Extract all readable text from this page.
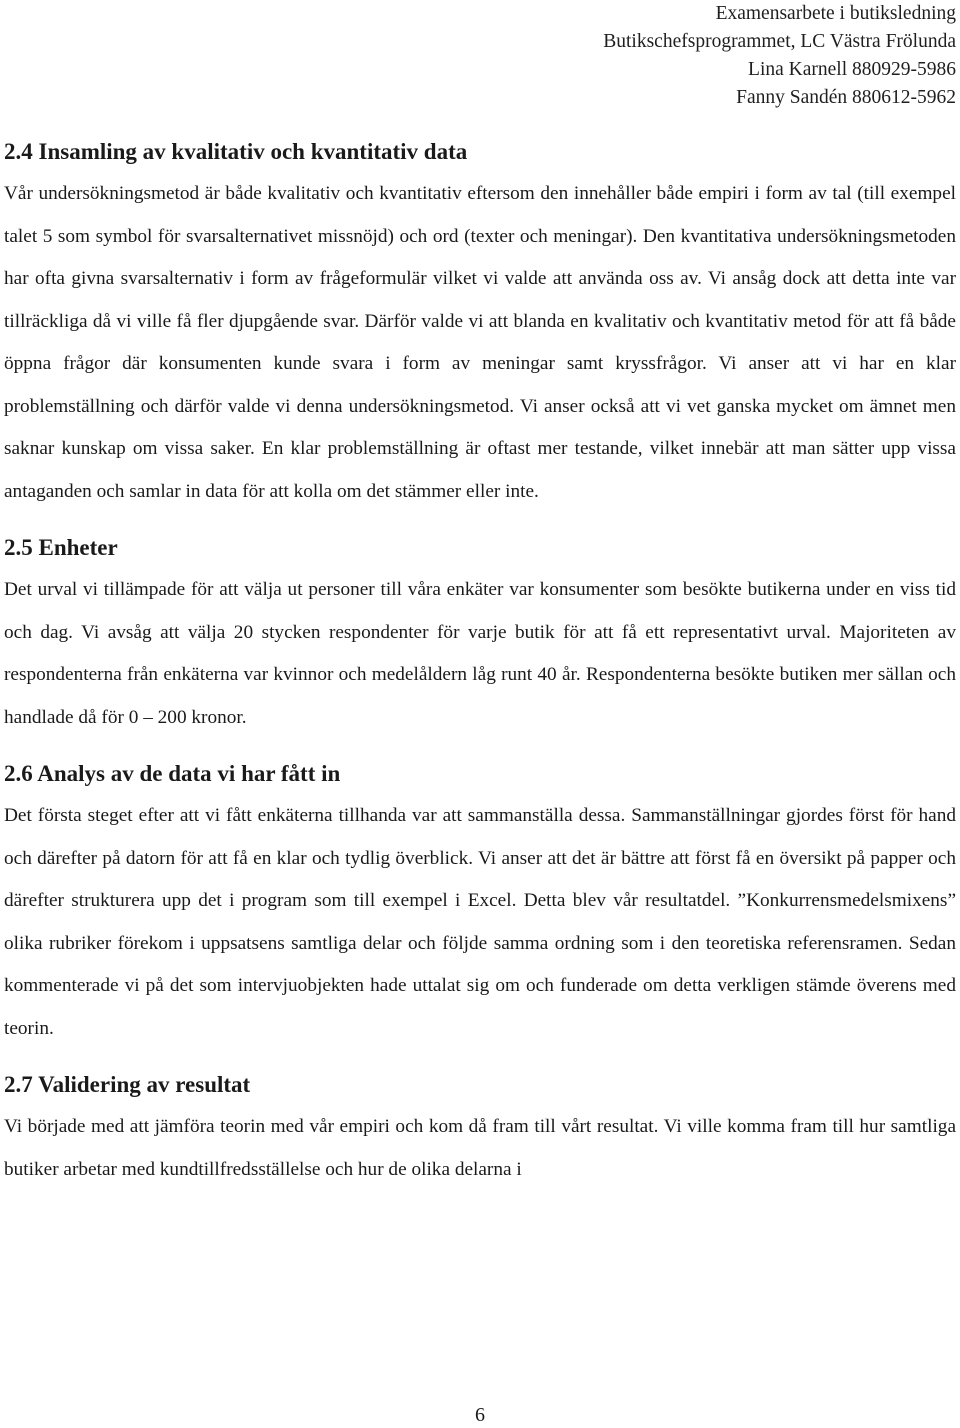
Examensarbete i butiksledning
Butikschefsprogrammet, LC Västra Frölunda
Lina Karnell 880929-5986
Fanny Sandén 880612-5962
2.4 Insamling av kvalitativ och kvantitativ data

Vår undersökningsmetod är både kvalitativ och kvantitativ eftersom den innehåller både empiri i form av tal (till exempel talet 5 som symbol för svarsalternativet missnöjd) och ord (texter och meningar). Den kvantitativa undersökningsmetoden har ofta givna svarsalternativ i form av frågeformulär vilket vi valde att använda oss av. Vi ansåg dock att detta inte var tillräckliga då vi ville få fler djupgående svar. Därför valde vi att blanda en kvalitativ och kvantitativ metod för att få både öppna frågor där konsumenten kunde svara i form av meningar samt kryssfrågor. Vi anser att vi har en klar problemställning och därför valde vi denna undersökningsmetod. Vi anser också att vi vet ganska mycket om ämnet men saknar kunskap om vissa saker. En klar problemställning är oftast mer testande, vilket innebär att man sätter upp vissa antaganden och samlar in data för att kolla om det stämmer eller inte.

2.5 Enheter

Det urval vi tillämpade för att välja ut personer till våra enkäter var konsumenter som besökte butikerna under en viss tid och dag. Vi avsåg att välja 20 stycken respondenter för varje butik för att få ett representativt urval. Majoriteten av respondenterna från enkäterna var kvinnor och medelåldern låg runt 40 år. Respondenterna besökte butiken mer sällan och handlade då för 0 – 200 kronor.

2.6 Analys av de data vi har fått in

Det första steget efter att vi fått enkäterna tillhanda var att sammanställa dessa. Sammanställningar gjordes först för hand och därefter på datorn för att få en klar och tydlig överblick. Vi anser att det är bättre att först få en översikt på papper och därefter strukturera upp det i program som till exempel i Excel. Detta blev vår resultatdel. ”Konkurrensmedelsmixens” olika rubriker förekom i uppsatsens samtliga delar och följde samma ordning som i den teoretiska referensramen. Sedan kommenterade vi på det som intervjuobjekten hade uttalat sig om och funderade om detta verkligen stämde överens med teorin.

2.7 Validering av resultat

Vi började med att jämföra teorin med vår empiri och kom då fram till vårt resultat. Vi ville komma fram till hur samtliga butiker arbetar med kundtillfredsställelse och hur de olika delarna i

6
